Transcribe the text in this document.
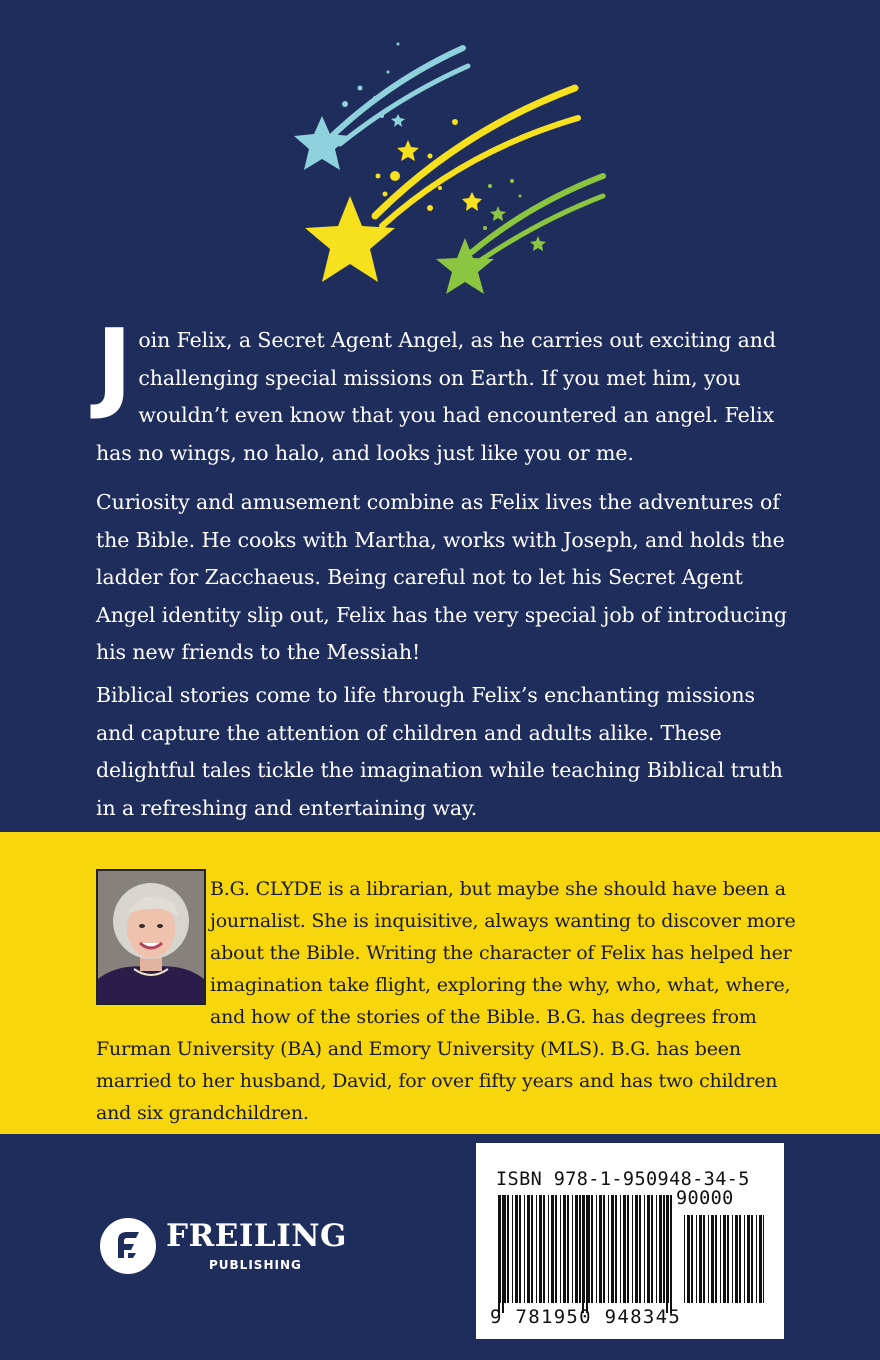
Join Felix, a Secret Agent Angel, as he carries out exciting and challenging special missions on Earth. If you met him, you wouldn’t even know that you had encountered an angel. Felix has no wings, no halo, and looks just like you or me.

Curiosity and amusement combine as Felix lives the adventures of the Bible. He cooks with Martha, works with Joseph, and holds the ladder for Zacchaeus. Being careful not to let his Secret Agent Angel identity slip out, Felix has the very special job of introducing his new friends to the Messiah!

Biblical stories come to life through Felix’s enchanting missions and capture the attention of children and adults alike. These delightful tales tickle the imagination while teaching Biblical truth in a refreshing and entertaining way.

B.G. CLYDE is a librarian, but maybe she should have been a journalist. She is inquisitive, always wanting to discover more about the Bible. Writing the character of Felix has helped her imagination take flight, exploring the why, who, what, where, and how of the stories of the Bible. B.G. has degrees from Furman University (BA) and Emory University (MLS). B.G. has been married to her husband, David, for over fifty years and has two children and six grandchildren.

FREILING
PUBLISHING

ISBN 978-1-950948-34-5

90000

9 781950 948345
